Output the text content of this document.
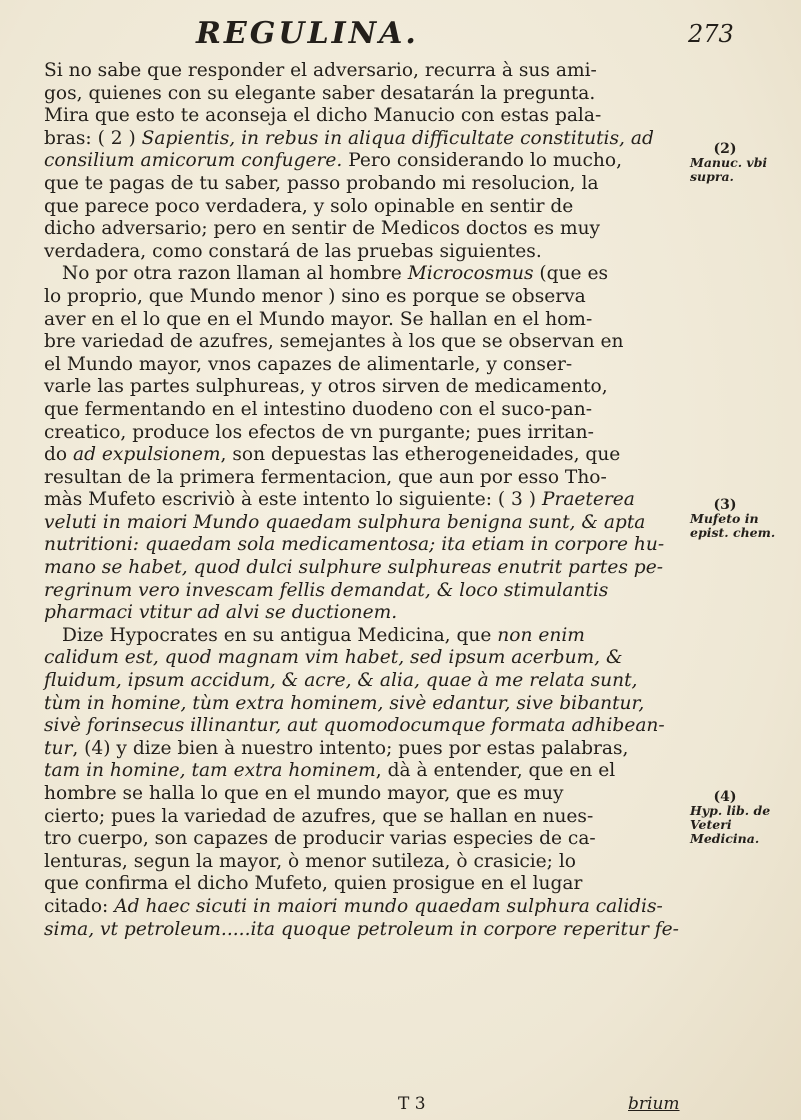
REGULINA.	273
Si no sabe que responder el adversario, recurra à sus ami-
gos, quienes con su elegante saber desatarán la pregunta.
Mira que esto te aconseja el dicho Manucio con estas pala-
bras: ( 2 ) Sapientis, in rebus in aliqua difficultate constitutis, ad
consilium amicorum confugere. Pero considerando lo mucho,
que te pagas de tu saber, passo probando mi resolucion, la
que parece poco verdadera, y solo opinable en sentir de
dicho adversario; pero en sentir de Medicos doctos es muy
verdadera, como constará de las pruebas siguientes.
No por otra razon llaman al hombre Microcosmus (que es
lo proprio, que Mundo menor ) sino es porque se observa
aver en el lo que en el Mundo mayor. Se hallan en el hom-
bre variedad de azufres, semejantes à los que se observan en
el Mundo mayor, vnos capazes de alimentarle, y conser-
varle las partes sulphureas, y otros sirven de medicamento,
que fermentando en el intestino duodeno con el suco-pan-
creatico, produce los efectos de vn purgante; pues irritan-
do ad expulsionem, son depuestas las etherogeneidades, que
resultan de la primera fermentacion, que aun por esso Tho-
màs Mufeto escriviò à este intento lo siguiente: ( 3 ) Praeterea
veluti in maiori Mundo quaedam sulphura benigna sunt, & apta
nutritioni: quaedam sola medicamentosa; ita etiam in corpore hu-
mano se habet, quod dulci sulphure sulphureas enutrit partes pe-
regrinum vero invescam fellis demandat, & loco stimulantis
pharmaci vtitur ad alvi se ductionem.
Dize Hypocrates en su antigua Medicina, que non enim
calidum est, quod magnam vim habet, sed ipsum acerbum, &
fluidum, ipsum accidum, & acre, & alia, quae à me relata sunt,
tùm in homine, tùm extra hominem, sivè edantur, sive bibantur,
sivè forinsecus illinantur, aut quomodocumque formata adhibean-
tur, (4) y dize bien à nuestro intento; pues por estas palabras,
tam in homine, tam extra hominem, dà à entender, que en el
hombre se halla lo que en el mundo mayor, que es muy
cierto; pues la variedad de azufres, que se hallan en nues-
tro cuerpo, son capazes de producir varias especies de ca-
lenturas, segun la mayor, ò menor sutileza, ò crasicie; lo
que confirma el dicho Mufeto, quien prosigue en el lugar
citado: Ad haec sicuti in maiori mundo quaedam sulphura calidis-
sima, vt petroleum.....ita quoque petroleum in corpore reperitur fe-
(2)
Manuc. vbi supra.
(3)
Mufeto in epist. chem.
(4)
Hyp. lib. de Veteri Medicina.
T 3	brium
